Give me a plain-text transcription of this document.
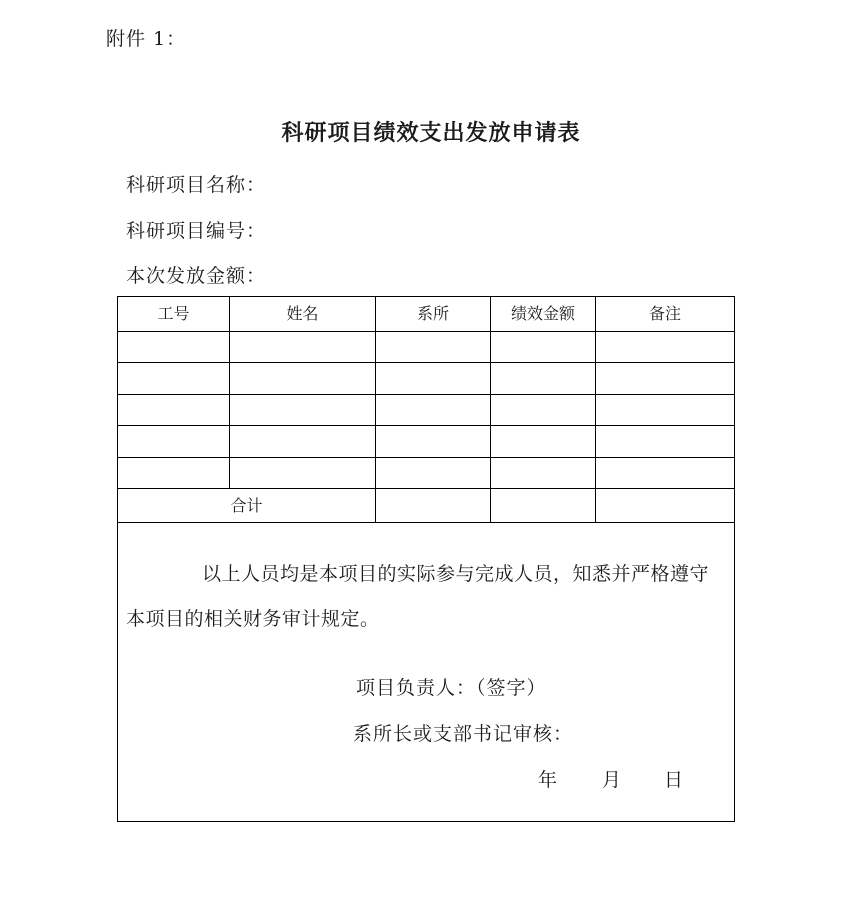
附件 1：
科研项目绩效支出发放申请表
科研项目名称：
科研项目编号：
本次发放金额：
工号	姓名	系所	绩效金额	备注
合计
以上人员均是本项目的实际参与完成人员，知悉并严格遵守
本项目的相关财务审计规定。
项目负责人：（签字）
系所长或支部书记审核：
年 月 日
